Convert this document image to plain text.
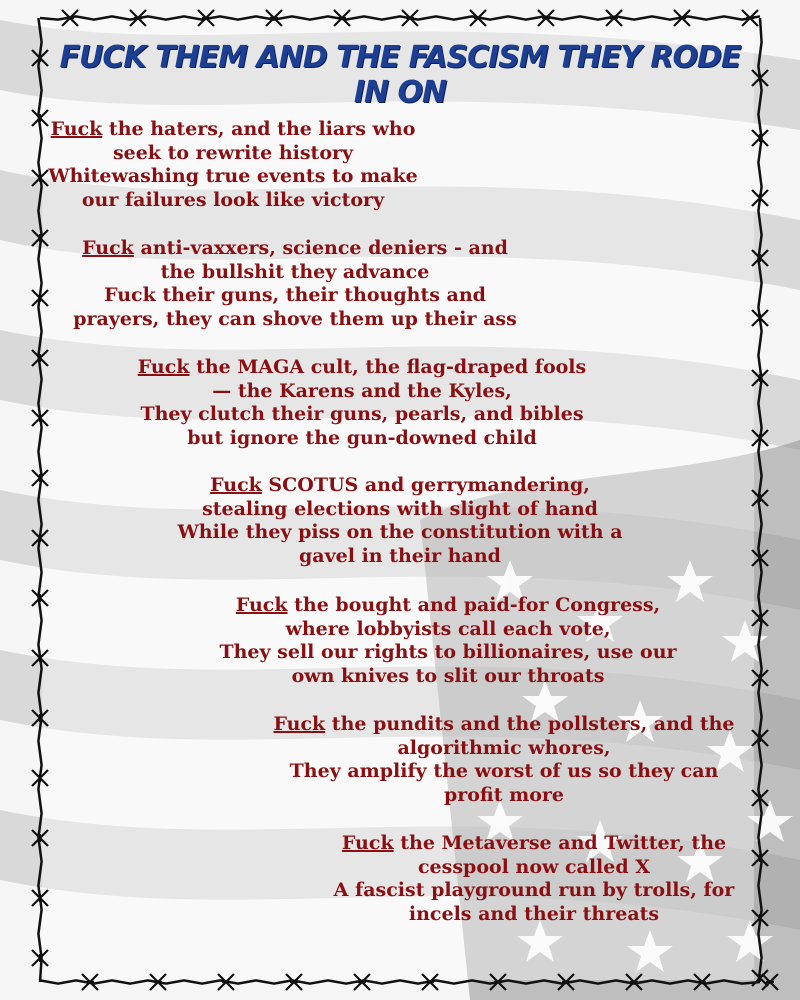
FUCK THEM AND THE FASCISM THEY RODE IN ON
Fuck the haters, and the liars who
seek to rewrite history
Whitewashing true events to make
our failures look like victory
Fuck anti-vaxxers, science deniers - and
the bullshit they advance
Fuck their guns, their thoughts and
prayers, they can shove them up their ass
Fuck the MAGA cult, the flag-draped fools
— the Karens and the Kyles,
They clutch their guns, pearls, and bibles
but ignore the gun-downed child
Fuck SCOTUS and gerrymandering,
stealing elections with slight of hand
While they piss on the constitution with a
gavel in their hand
Fuck the bought and paid-for Congress,
where lobbyists call each vote,
They sell our rights to billionaires, use our
own knives to slit our throats
Fuck the pundits and the pollsters, and the
algorithmic whores,
They amplify the worst of us so they can
profit more
Fuck the Metaverse and Twitter, the
cesspool now called X
A fascist playground run by trolls, for
incels and their threats
